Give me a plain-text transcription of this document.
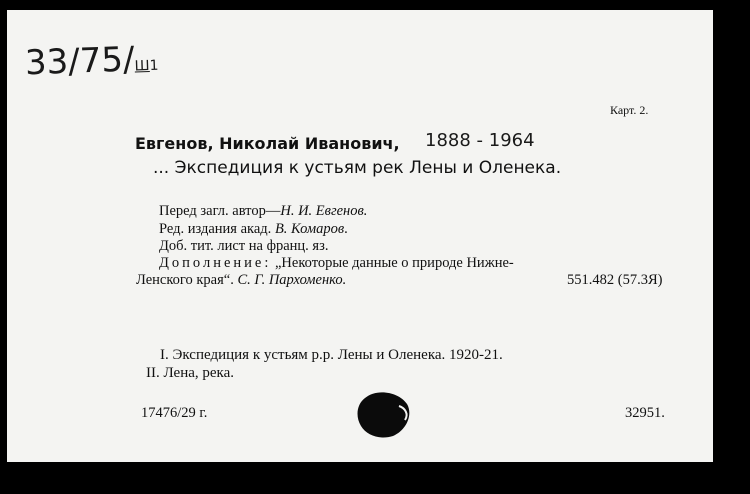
33/75/Ш1
Карт. 2.
Евгенов, Николай Иванович, 1888 - 1964
... Экспедиция к устьям рек Лены и Оленека.
Перед загл. автор—Н. И. Евгенов.
Ред. издания акад. В. Комаров.
Доб. тит. лист на франц. яз.
Дополнение: „Некоторые данные о природе Нижне-
Ленского края“. С. Г. Пархоменко.	551.482 (57.3Я)
I. Экспедиция к устьям р.р. Лены и Оленека. 1920-21.
II. Лена, река.
17476/29 г.	32951.
